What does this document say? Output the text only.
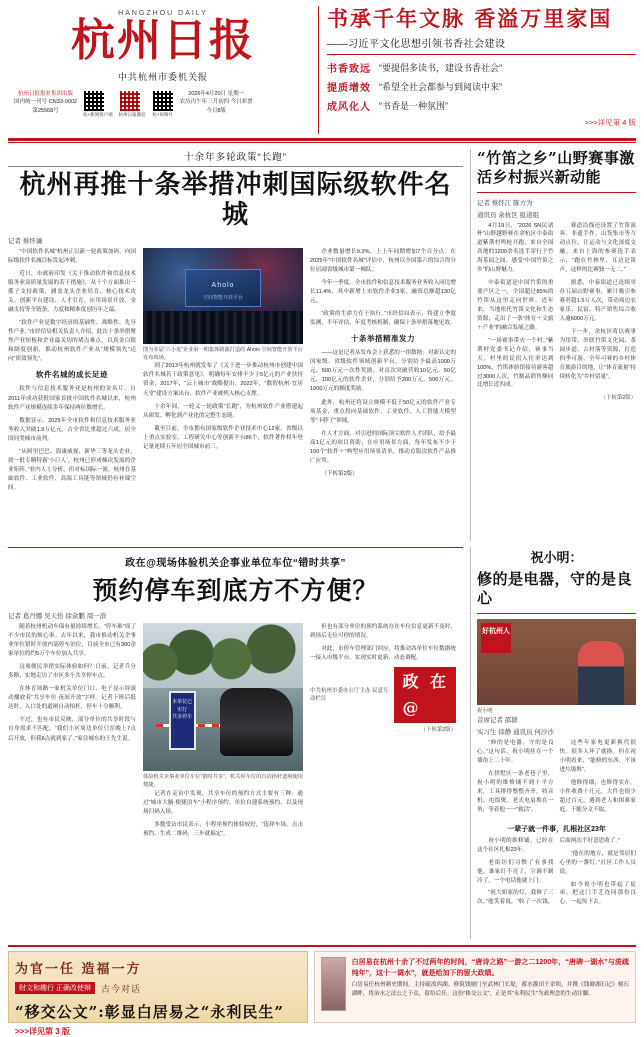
HANGZHOU DAILY
杭州日报
中共杭州市委机关报
杭州日报报业集团出版
国内统一刊号·CN33-0002
第25568号
杭+新闻客户端 杭州日报微信 杭+视频号
2026年4月20日 星期一
农历丙午年三月初四 今日彩票
今日8版
书承千年文脉 香溢万里家国
——习近平文化思想引领书香社会建设
书香致远 “要提倡多读书，建设书香社会”
提质增效 “希望全社会都参与到阅读中来”
成风化人 “书香是一种氛围”
>>>详见第 4 版
十余年多轮政策“长跑”
杭州再推十条举措冲刺国际级软件名城
记者 蔡怀谦

“中国软件名城”杭州正以新一轮政策加码，向国际级软件名城目标发起冲刺。

近日，市政府印发《关于推动软件和信息技术服务业高质量发展的若干措施》，从十个方面推出一揽子支持政策，涵盖龙头企业培育、核心技术攻关、创新平台建设、人才引育、应用场景开放、金融支持等全链条，力度和精准度创历年之最。

“软件产业是数字经济的基础性、战略性、先导性产业。”市经信局相关负责人介绍，此次十条举措聚焦产业短板和企业最关切的堵点难点，以真金白银和制度创新，推动杭州软件产业从“规模领先”迈向“质效领先”。

软件名城的成长足迹

软件与信息技术服务业是杭州的金名片。自2011年成功获批国家首批中国软件名城以来，杭州软件产业规模连续多年保持两位数增长。

数据显示，2025年全市软件和信息技术服务业务收入突破1.9万亿元，占全省比重超过六成，居全国同类城市前列。

“从阿里巴巴、海康威视、新华三等龙头企业，到一批专精特新‘小巨人’，杭州已形成梯次发展的企业矩阵。”业内人士分析，但对标国际一流，杭州在基础软件、工业软件、高端工具链等领域仍有补课空间。

Aholo
空间智能开放平台
图为本届“六小龙”企业第一期集体路演打造的 Ahoio 空间智能开放平台发布现场。

到了2013年杭州就发布了《关于进一步推动杭州市创建中国软件名城若干政策意见》，明确每年安排不少于5亿元的产业扶持资金；2017年，“云上城市”战略提出；2022年，“数智杭州·宜居天堂”建设方案出台，软件产业被列入核心支撑。

十余年间，一轮又一轮政策“长跑”，为杭州软件产业搭建起从研发、孵化到产业化的完整生态链。

截至目前，全市拥有国家级软件企业技术中心12家，省级以上重点实验室、工程研究中心等创新平台86个，软件著作权年登记量连续五年居全国城市前三。

企业数量增长9.3%，上上年同期增加7个百分点。在2025年“中国软件名城”评估中，杭州以全国第六的综合得分位居副省级城市第一梯队。

今年一季度，全市软件和信息技术服务业务收入同比增长11.4%，其中新增上市软件企业3家，融资总额超130亿元。

“政策的生命力在于执行。”市经信局表示，将建立季度监测、半年评估、年度考核机制，确保十条举措落地见效。

十条举措精准发力

——这是记者从发布会上获悉的一组数据：对新认定的国家级、省级软件领域创新平台，分别给予最高1000万元、500万元一次性奖励；对首次突破营收10亿元、50亿元、100亿元的软件企业，分别给予200万元、500万元、1000万元的梯度奖励。

此外，杭州还将设立规模不低于50亿元的软件产业专项基金，重点投向基础软件、工业软件、人工智能大模型等“卡脖子”领域。

在人才方面，对引进的国际顶尖软件人才团队，给予最高1亿元的项目资助；在应用场景方面，每年发布不少于100个“软件＋”典型应用场景清单，推动首版次软件产品推广应用。

（下转第2版）

“竹笛之乡”山野赛事激活乡村振兴新动能
记者 蔡怀江 陈方为
通讯员 余杭区 报道组

4月19日，“2026 SN民诸杯”山野越野赛在余杭区中泰街道紫荆村鸣枪开跑，来自全国各地的1200余名选手穿行于竹海茶园之间，感受“中国竹笛之乡”的山野魅力。

中泰街道是中国竹笛的重要产区之一，全国超过85%的竹笛从这里走向世界。近年来，当地依托竹笛文化和生态资源，走出了一条“体育＋文旅＋产业”的融合发展之路。

“一场赛事带火一个村。”紫荆村党委书记介绍，赛事当天，村里的民宿入住率达到100%，竹笛体验馆接待游客超过3000人次，竹制品销售额同比增长近四成。

赛道沿线还设置了竹笛演奏、非遗手作、山货集市等互动点位，让运动与文化深度交融。来自上海的参赛选手表示，“跑在竹林里，耳边是笛声，这样的比赛独一无二。”

据悉，中泰街道已连续举办五届山野赛事，累计吸引参赛者超1.5万人次，带动周边农家乐、民宿、特产销售综合收入逾6000万元。

下一步，余杭区将以赛事为纽带，串联竹笛文化园、茶园步道、古村落等资源，打造四季可游、全年可赛的乡村体育旅游目的地，让“体育流量”持续转化为“乡村留量”。

（下转第2版）
政在@现场体验机关企事业单位车位“错时共享”
预约停车到底方不方便？
记者 葛丹娜 吴天怡 徐余鹏 周一滨

随着杭州机动车保有量持续增长，“停车难”成了不少市民的烦心事。去年以来，我市推动机关企事业单位错时开放内部停车泊位，目前全市已有300余家单位的约5万个车位加入共享。

这项便民举措实际体验如何？日前，记者兵分多路，实地走访了市区多个共享停车点。

在体育场路一家机关单位门口，电子显示屏滚动播放着“共享车位 夜间开放”字样。记者下班后抵达时，入口处的道闸自动抬杆，停车十分顺利。

不过，也有市民反映，部分单位的共享时段与自身需求不匹配。“我们小区周边单位只在晚上7点后开放，但我6点就到家了。”家住城东的王先生说。

本单位已实行
共享停车
体验机关企事业单位车位“错时共享”，机关停车位的自动抬杆道闸使用便捷。

记者在走访中发现，共享车位的预约方式主要有三种：通过“城市大脑·便捷泊车”小程序预约、单位自建系统预约，以及现场扫码入场。

多数受访市民表示，小程序预约体验较好，“选择车场、点击预约、生成二维码，三步就搞定”。

但也有部分单位的预约系统存在车位信息更新不及时、到场后无位可停的情况。

对此，市停车管理部门回应，将推动各单位车位数据统一接入市级平台，实现实时更新、动态调配。

中共杭州市委办公厅主办 民意互动栏目
政在@
（下转第2版）
祝小明：
修的是电器，守的是良心
好杭州人
祝小明
首席记者 邵群
实习生 徐静 通讯员 何沙沙

“修的是电器，守的是良心。”这句话，祝小明挂在一个墙角上二十年。

在拱墅区一条老巷子里，祝小明的维修铺不到十平方米，工具排得整整齐齐，收音机、电饭煲、老式电扇堆在一角，等着他一一“救活”。

这些年家电更新换代很快，很多人坏了就换。但在祝小明看来，“能修的东西，不该进垃圾堆”。

他修得细，也修得实在。小件收费十几元，大件也很少超过百元，遇到老人和困难家庭，干脆分文不取。

一辈子就一件事，扎根社区23年

祝小明的维修铺，已经在这个社区扎根23年。

老街坊们习惯了有事找他。谁家灯不亮了、空调不制冷了，一个电话他就上门。

“祝大姐家的灯，我修了三次。”他笑着说，“收了一次钱，后面两次不好意思收了。”

“他在的地方，就是邻居们心里的一盏灯。”社区工作人员说。

如今祝小明也带起了徒弟，把这门手艺连同那份良心，一起传下去。

为官一任 造福一方
财文和趣行 正确改使辩	古今对话
“移交公文”:彰显白居易之“永利民生”
>>>详见第 3 版
白居易在杭州十余了不过两年的时间，“唐诗之路”一游之二1200年，“唐碑一湖水”与浚疏纯年”，这十一调水”，就是给加下的留大政绩。
白居易任杭州刺史期间，主持疏浚西湖、修筑钱塘门至武林门长堤，蓄水灌田千余顷，并撰《钱塘湖石记》刻石湖畔，将治水之法公之于众，留给后任。这份“移交公文”，正是其“永利民生”为政理念的生动注脚。
